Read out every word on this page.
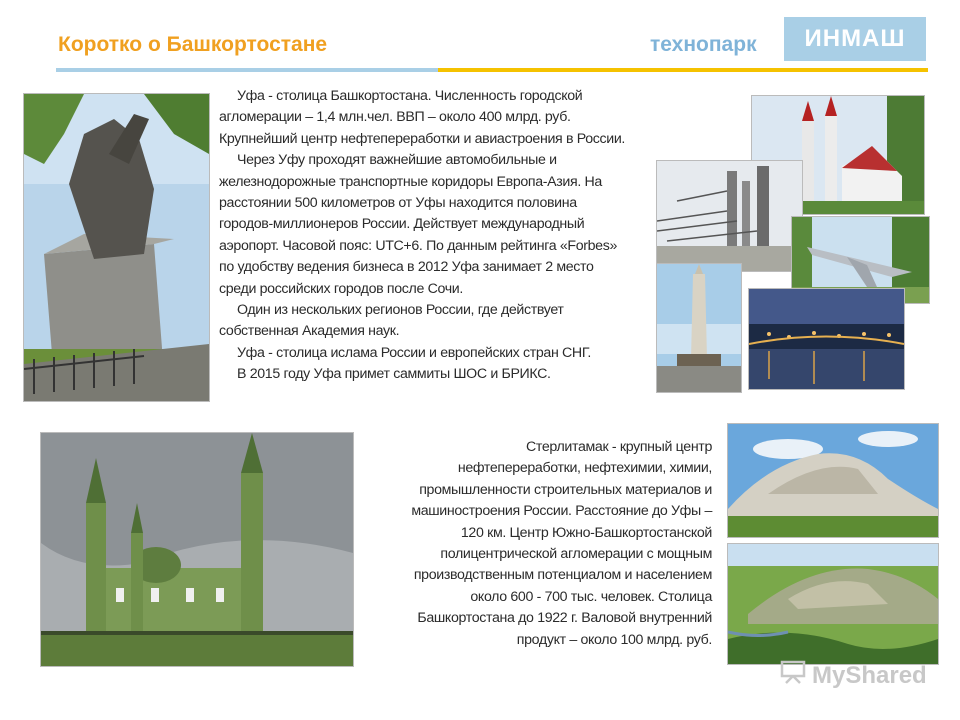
Коротко о Башкортостане	технопарк	ИНМАШ

Уфа - столица Башкортостана. Численность городской

агломерации – 1,4 млн.чел. ВВП – около 400 млрд. руб.

Крупнейший центр нефтепереработки и авиастроения в России.

Через Уфу проходят важнейшие автомобильные и

железнодорожные транспортные коридоры Европа-Азия. На

расстоянии 500 километров от Уфы находится половина

городов-миллионеров России. Действует международный

аэропорт. Часовой пояс: UTC+6. По данным рейтинга «Forbes»

по удобству ведения бизнеса в 2012 Уфа занимает 2 место

среди российских городов после Сочи.

Один из нескольких регионов России, где действует

собственная Академия наук.

Уфа - столица ислама России и европейских стран СНГ.

В 2015 году Уфа примет саммиты ШОС и БРИКС.

Стерлитамак - крупный центр

нефтепереработки, нефтехимии, химии,

промышленности строительных материалов и

машиностроения России. Расстояние до Уфы –

120 км. Центр Южно-Башкортостанской

полицентрической агломерации с мощным

производственным потенциалом и населением

около 600 - 700 тыс. человек. Столица

Башкортостана до 1922 г. Валовой внутренний

продукт – около 100 млрд. руб.

MyShared
